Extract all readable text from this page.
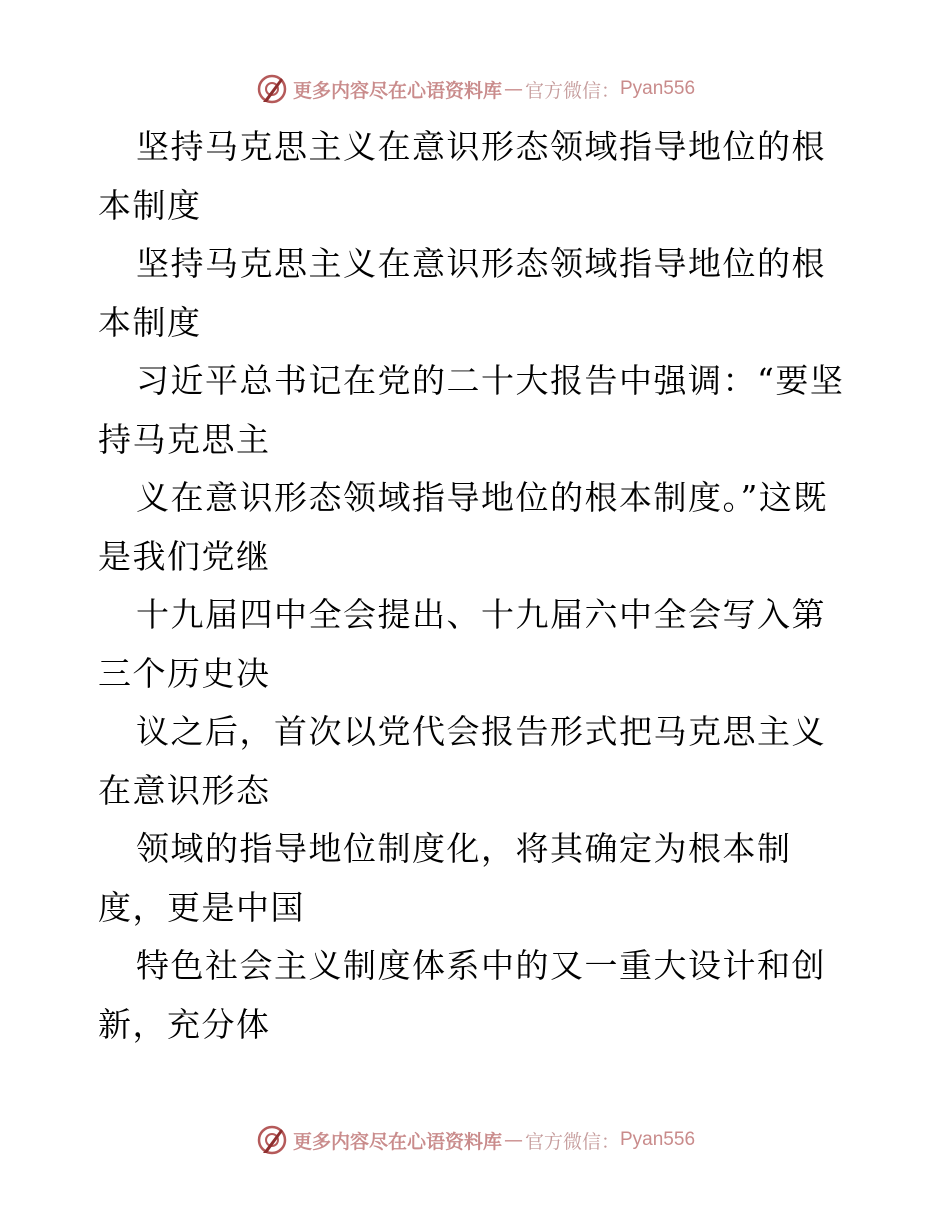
更多内容尽在心语资料库 — 官方微信： Pyan556

坚持马克思主义在意识形态领域指导地位的根本制度

坚持马克思主义在意识形态领域指导地位的根本制度

习近平总书记在党的二十大报告中强调：“要坚持马克思主

义在意识形态领域指导地位的根本制度。”这既是我们党继

十九届四中全会提出、十九届六中全会写入第三个历史决

议之后，首次以党代会报告形式把马克思主义在意识形态

领域的指导地位制度化，将其确定为根本制度，更是中国

特色社会主义制度体系中的又一重大设计和创新，充分体

更多内容尽在心语资料库 — 官方微信： Pyan556
